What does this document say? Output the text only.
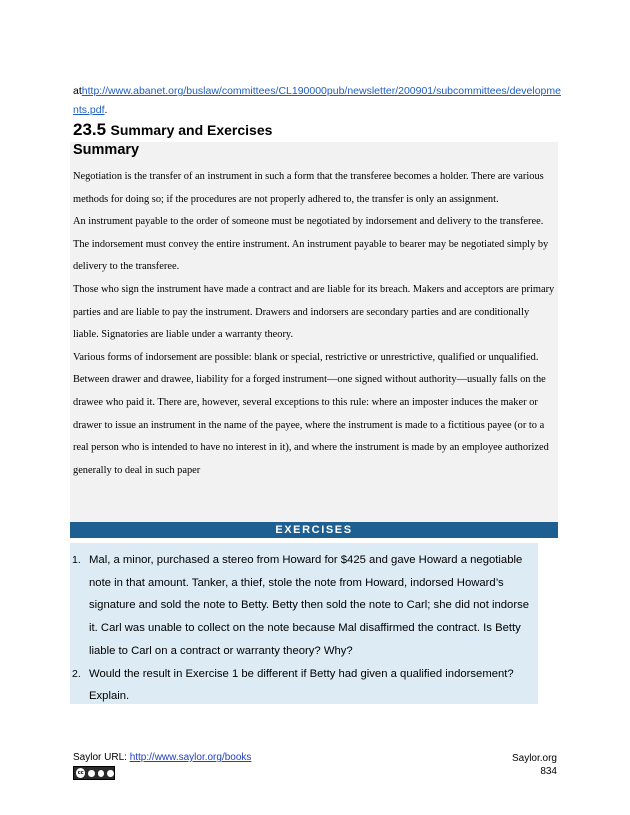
athttp://www.abanet.org/buslaw/committees/CL190000pub/newsletter/200901/subcommittees/developments.pdf.
23.5 Summary and Exercises
Summary

Negotiation is the transfer of an instrument in such a form that the transferee becomes a holder. There are various methods for doing so; if the procedures are not properly adhered to, the transfer is only an assignment.

An instrument payable to the order of someone must be negotiated by indorsement and delivery to the transferee. The indorsement must convey the entire instrument. An instrument payable to bearer may be negotiated simply by delivery to the transferee.

Those who sign the instrument have made a contract and are liable for its breach. Makers and acceptors are primary parties and are liable to pay the instrument. Drawers and indorsers are secondary parties and are conditionally liable. Signatories are liable under a warranty theory.

Various forms of indorsement are possible: blank or special, restrictive or unrestrictive, qualified or unqualified.

Between drawer and drawee, liability for a forged instrument—one signed without authority—usually falls on the drawee who paid it. There are, however, several exceptions to this rule: where an imposter induces the maker or drawer to issue an instrument in the name of the payee, where the instrument is made to a fictitious payee (or to a real person who is intended to have no interest in it), and where the instrument is made by an employee authorized generally to deal in such paper

EXERCISES
1. Mal, a minor, purchased a stereo from Howard for $425 and gave Howard a negotiable note in that amount. Tanker, a thief, stole the note from Howard, indorsed Howard’s signature and sold the note to Betty. Betty then sold the note to Carl; she did not indorse it. Carl was unable to collect on the note because Mal disaffirmed the contract. Is Betty liable to Carl on a contract or warranty theory? Why?
2. Would the result in Exercise 1 be different if Betty had given a qualified indorsement? Explain.
Saylor URL: http://www.saylor.org/books
cc
Saylor.org
834
